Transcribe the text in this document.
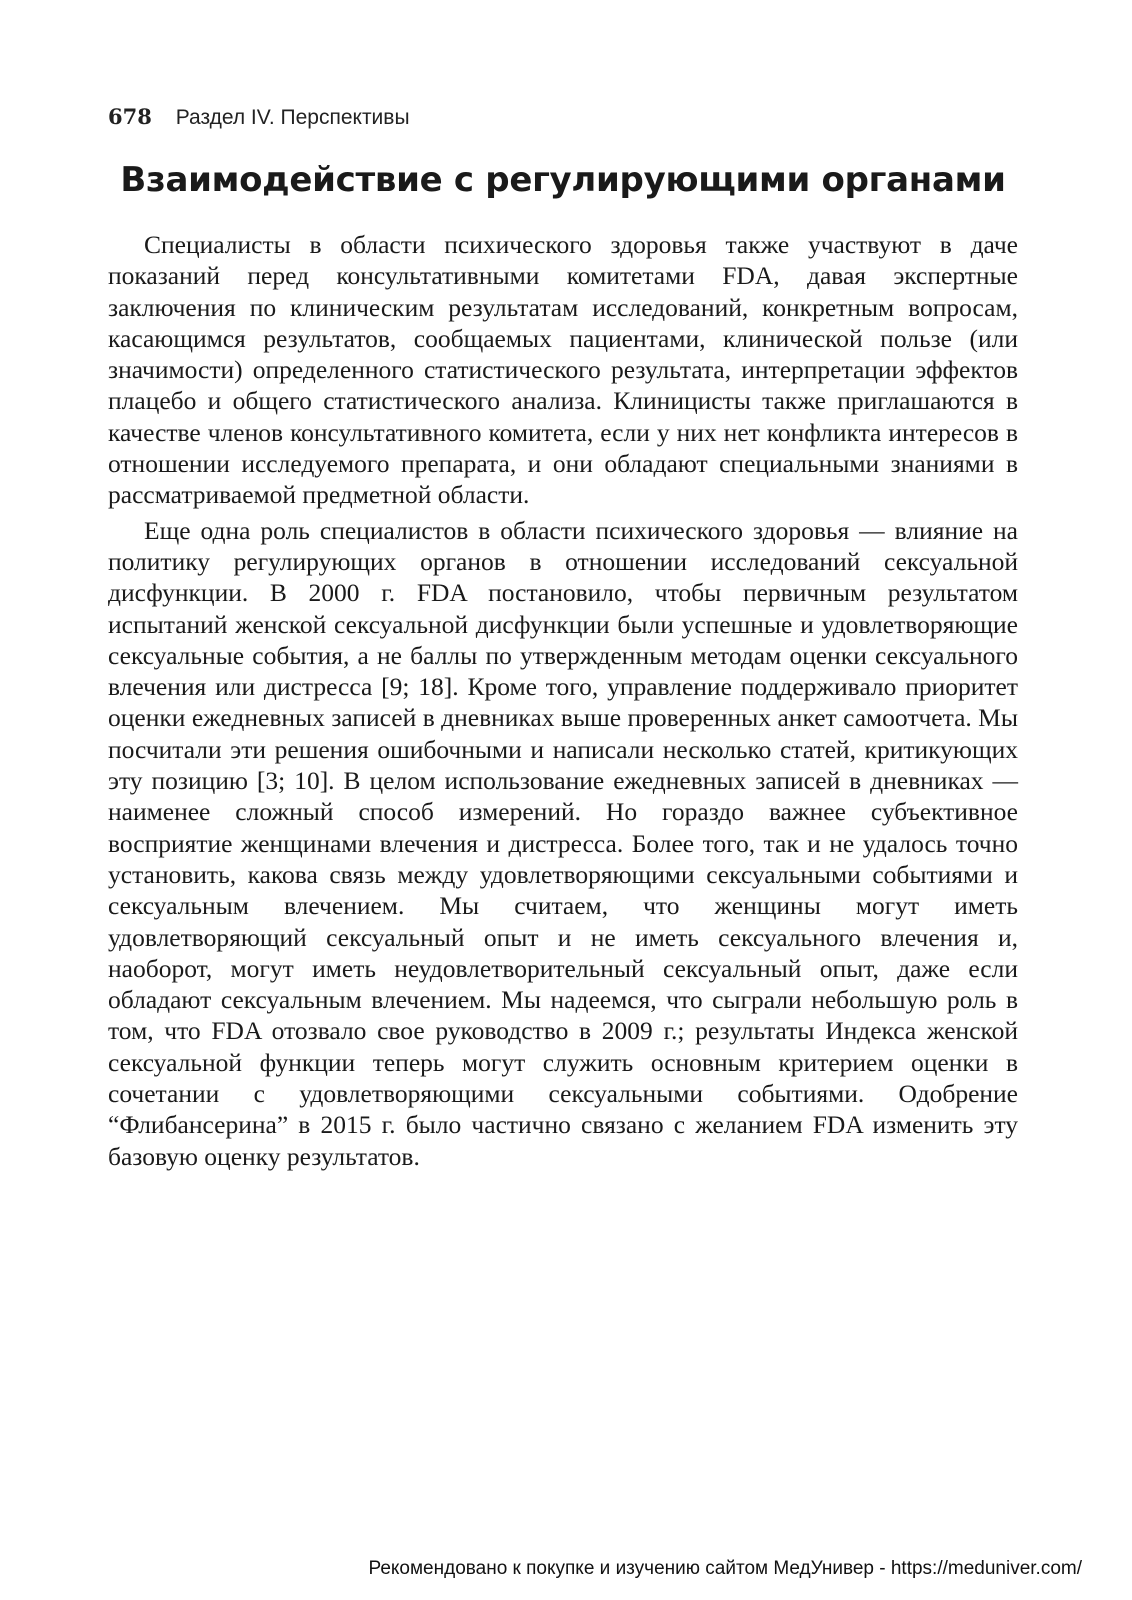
678 Раздел IV. Перспективы
Взаимодействие с регулирующими органами

Специалисты в области психического здоровья также участвуют в даче показаний перед консультативными комитетами FDA, давая экспертные заключения по клиническим результатам исследований, конкретным вопросам, касающимся результатов, сообщаемых пациентами, клинической пользе (или значимости) определенного статистического результата, интерпретации эффектов плацебо и общего статистического анализа. Клиницисты также приглашаются в качестве членов консультативного комитета, если у них нет конфликта интересов в отношении исследуемого препарата, и они обладают специальными знаниями в рассматриваемой предметной области.

Еще одна роль специалистов в области психического здоровья — влияние на политику регулирующих органов в отношении исследований сексуальной дисфункции. В 2000 г. FDA постановило, чтобы первичным результатом испытаний женской сексуальной дисфункции были успешные и удовлетворяющие сексуальные события, а не баллы по утвержденным методам оценки сексуального влечения или дистресса [9; 18]. Кроме того, управление поддерживало приоритет оценки ежедневных записей в дневниках выше проверенных анкет самоотчета. Мы посчитали эти решения ошибочными и написали несколько статей, критикующих эту позицию [3; 10]. В целом использование ежедневных записей в дневниках — наименее сложный способ измерений. Но гораздо важнее субъективное восприятие женщинами влечения и дистресса. Более того, так и не удалось точно установить, какова связь между удовлетворяющими сексуальными событиями и сексуальным влечением. Мы считаем, что женщины могут иметь удовлетворяющий сексуальный опыт и не иметь сексуального влечения и, наоборот, могут иметь неудовлетворительный сексуальный опыт, даже если обладают сексуальным влечением. Мы надеемся, что сыграли небольшую роль в том, что FDA отозвало свое руководство в 2009 г.; результаты Индекса женской сексуальной функции теперь могут служить основным критерием оценки в сочетании с удовлетворяющими сексуальными событиями. Одобрение “Флибансерина” в 2015 г. было частично связано с желанием FDA изменить эту базовую оценку результатов.

Рекомендовано к покупке и изучению сайтом МедУнивер - https://meduniver.com/
